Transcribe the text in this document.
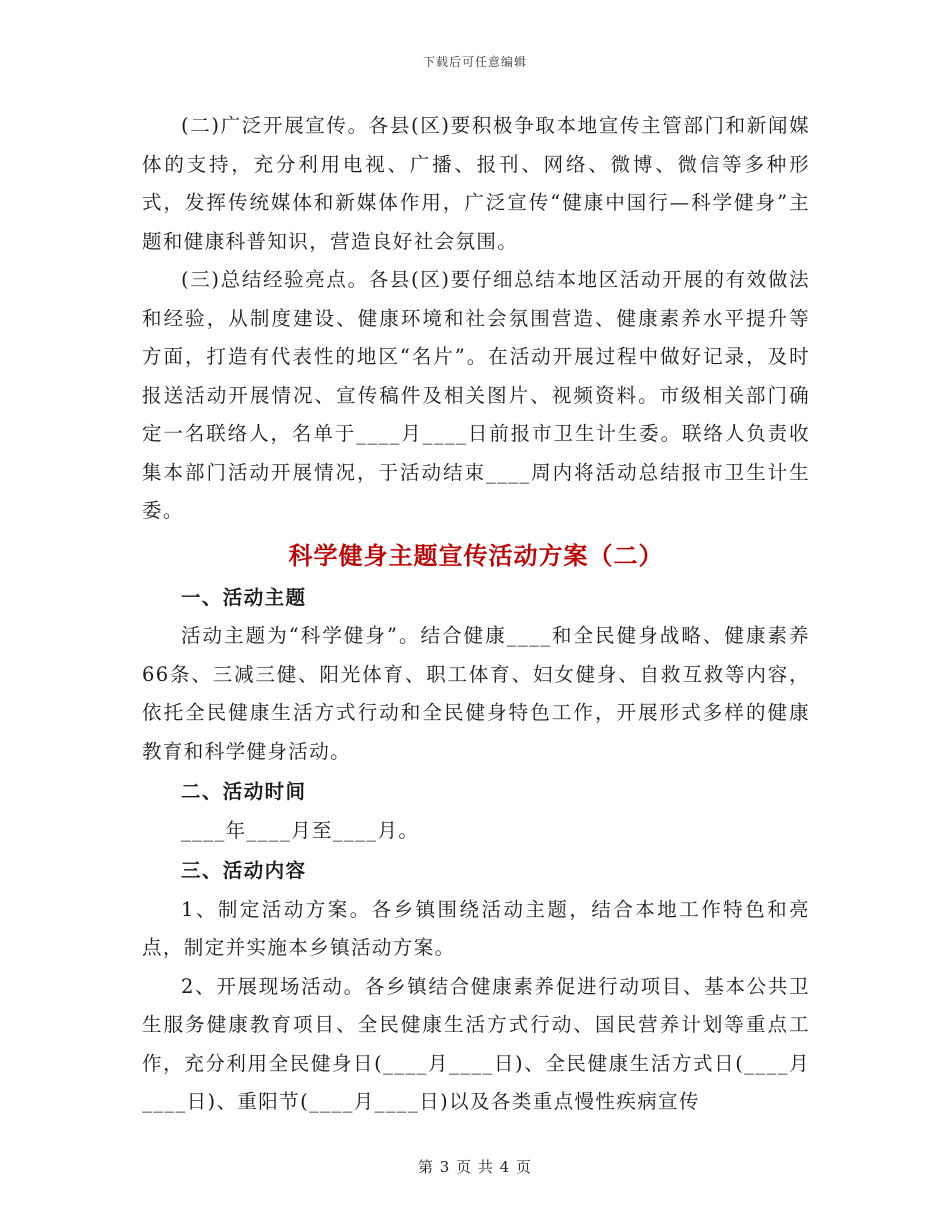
下载后可任意编辑

(二)广泛开展宣传。各县(区)要积极争取本地宣传主管部门和新闻媒体的支持，充分利用电视、广播、报刊、网络、微博、微信等多种形式，发挥传统媒体和新媒体作用，广泛宣传“健康中国行—科学健身”主题和健康科普知识，营造良好社会氛围。

(三)总结经验亮点。各县(区)要仔细总结本地区活动开展的有效做法和经验，从制度建设、健康环境和社会氛围营造、健康素养水平提升等方面，打造有代表性的地区“名片”。在活动开展过程中做好记录，及时报送活动开展情况、宣传稿件及相关图片、视频资料。市级相关部门确定一名联络人，名单于____月____日前报市卫生计生委。联络人负责收集本部门活动开展情况，于活动结束____周内将活动总结报市卫生计生委。

科学健身主题宣传活动方案（二）
一、活动主题

活动主题为“科学健身”。结合健康____和全民健身战略、健康素养66条、三减三健、阳光体育、职工体育、妇女健身、自救互救等内容，依托全民健康生活方式行动和全民健身特色工作，开展形式多样的健康教育和科学健身活动。

二、活动时间

____年____月至____月。

三、活动内容

1、制定活动方案。各乡镇围绕活动主题，结合本地工作特色和亮点，制定并实施本乡镇活动方案。

2、开展现场活动。各乡镇结合健康素养促进行动项目、基本公共卫生服务健康教育项目、全民健康生活方式行动、国民营养计划等重点工作，充分利用全民健身日(____月____日)、全民健康生活方式日(____月____日)、重阳节(____月____日)以及各类重点慢性疾病宣传

第 3 页 共 4 页
